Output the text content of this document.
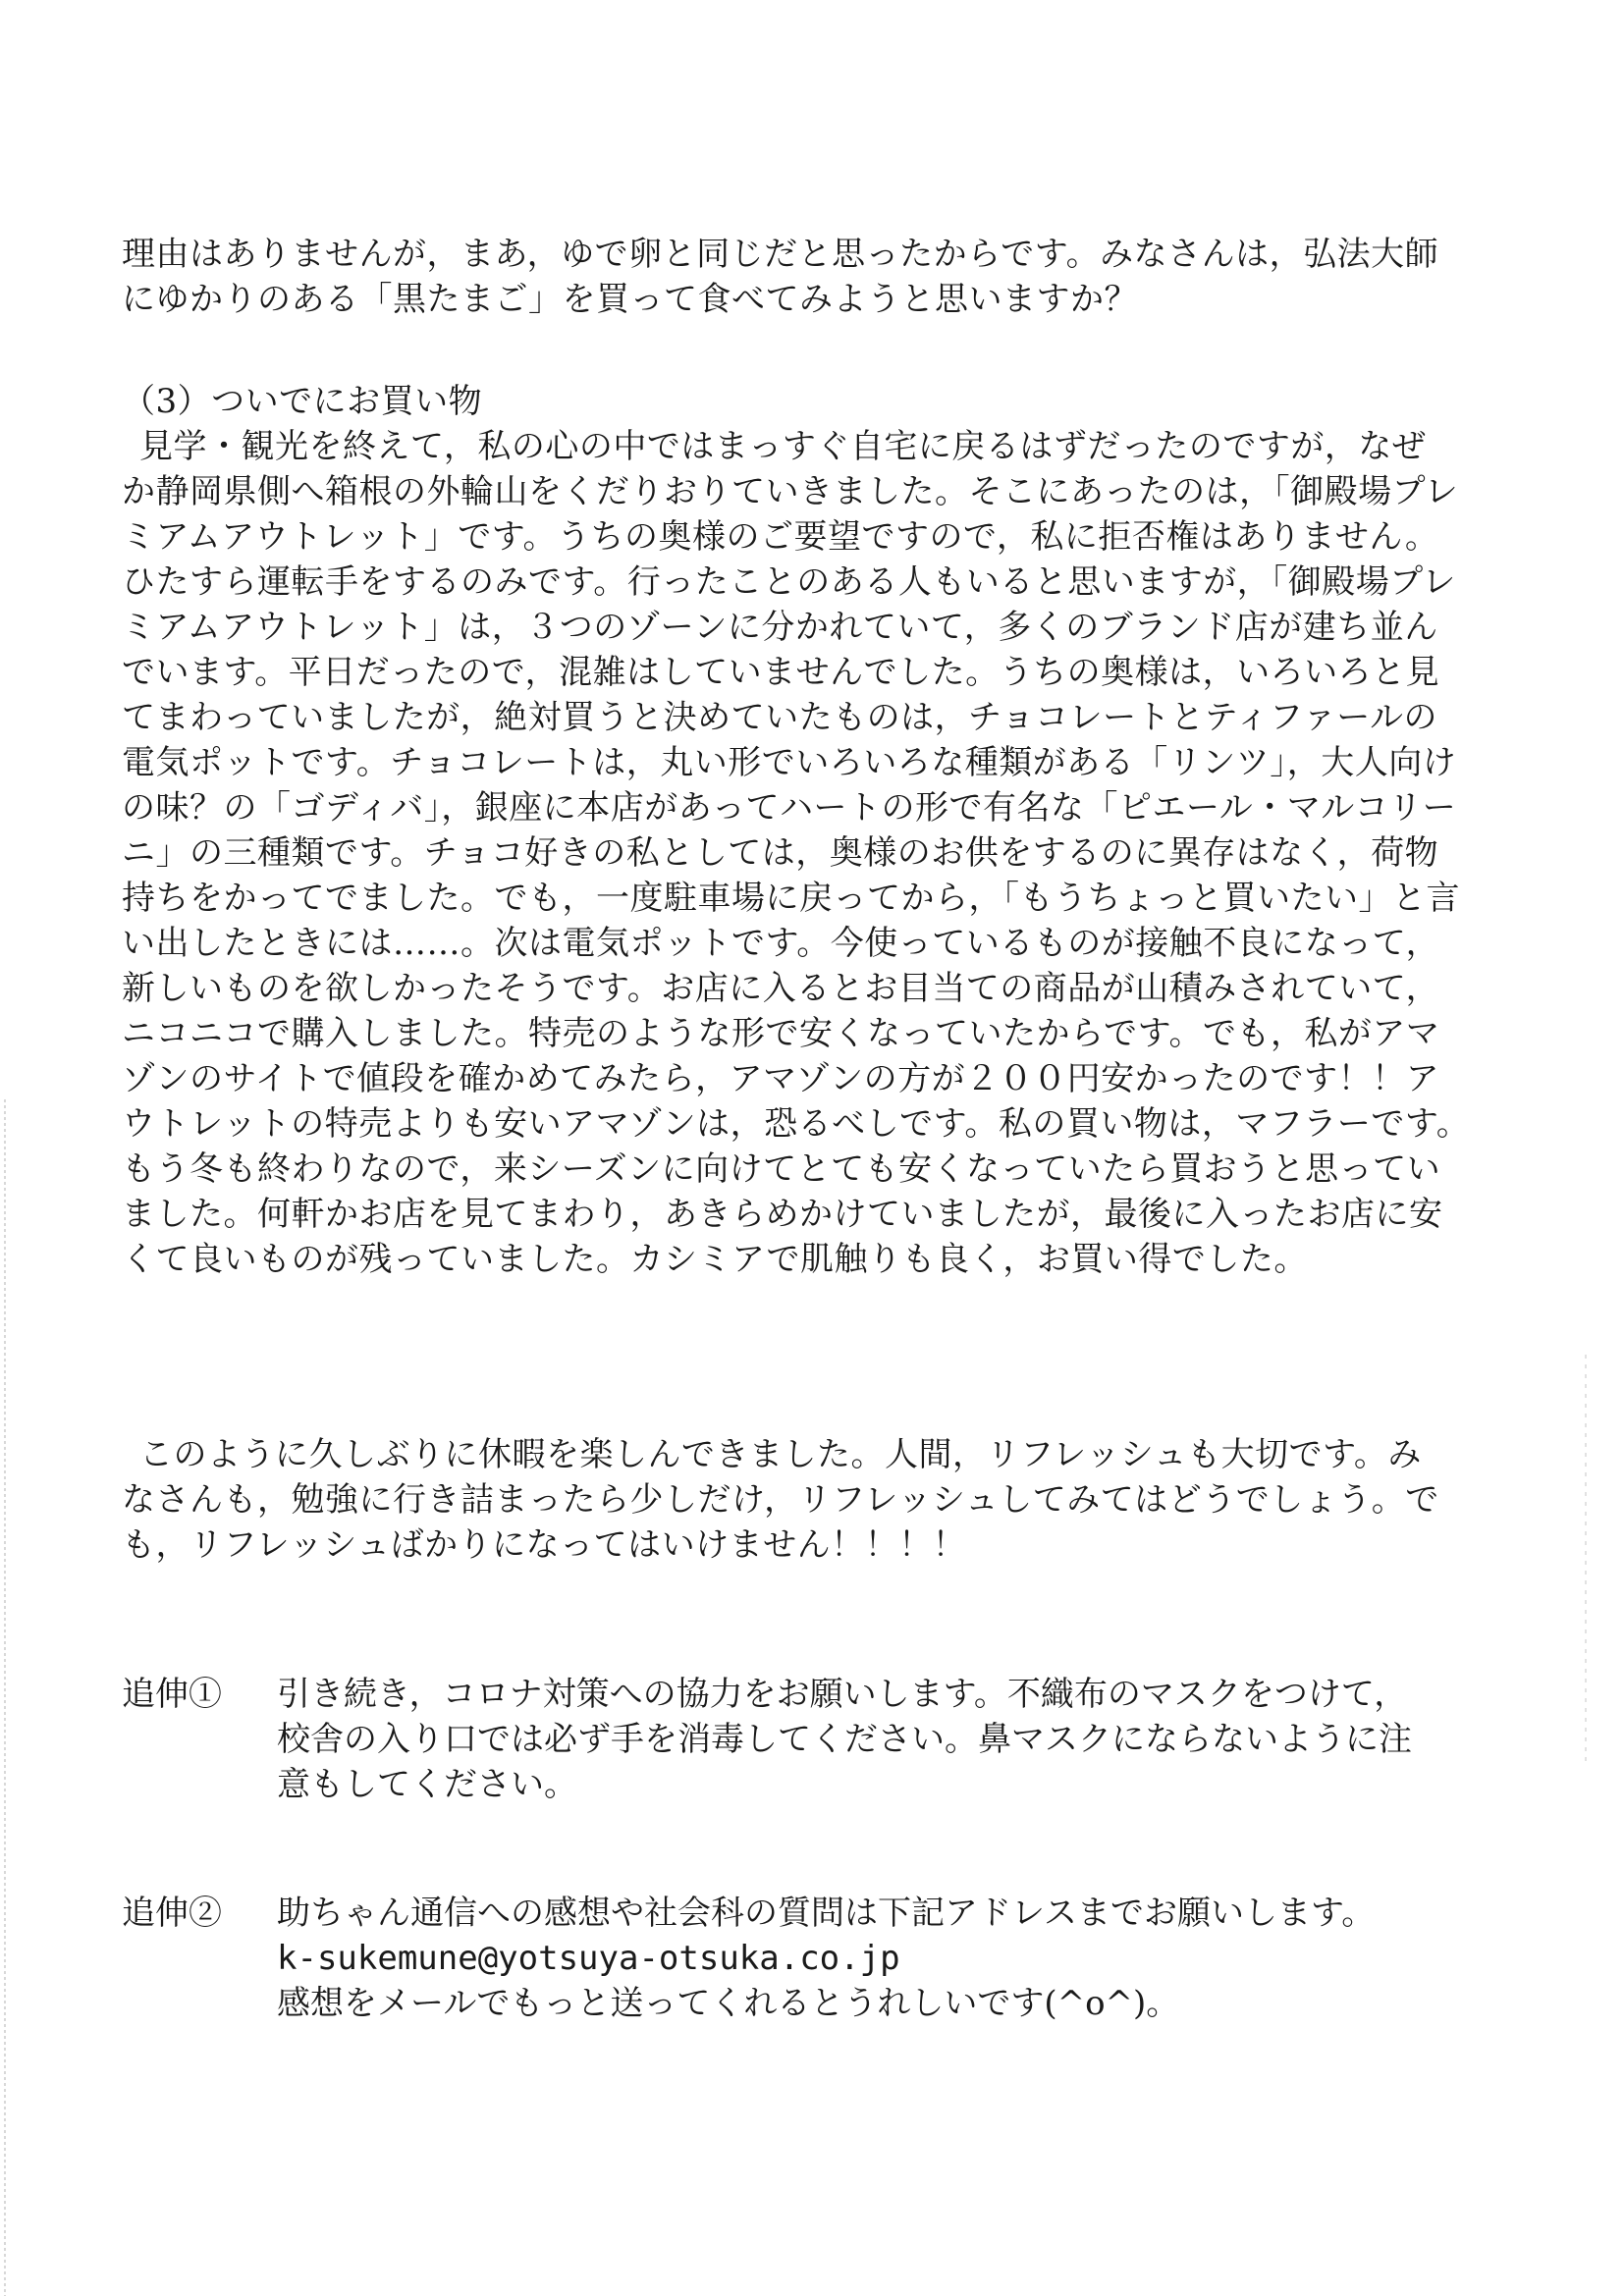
理由はありませんが，まあ，ゆで卵と同じだと思ったからです。みなさんは，弘法大師
にゆかりのある「黒たまご」を買って食べてみようと思いますか？
（3）ついでにお買い物
見学・観光を終えて，私の心の中ではまっすぐ自宅に戻るはずだったのですが，なぜ
か静岡県側へ箱根の外輪山をくだりおりていきました。そこにあったのは，「御殿場プレ
ミアムアウトレット」です。うちの奥様のご要望ですので，私に拒否権はありません。
ひたすら運転手をするのみです。行ったことのある人もいると思いますが，「御殿場プレ
ミアムアウトレット」は，３つのゾーンに分かれていて，多くのブランド店が建ち並ん
でいます。平日だったので，混雑はしていませんでした。うちの奥様は，いろいろと見
てまわっていましたが，絶対買うと決めていたものは，チョコレートとティファールの
電気ポットです。チョコレートは，丸い形でいろいろな種類がある「リンツ」，大人向け
の味？の「ゴディバ」，銀座に本店があってハートの形で有名な「ピエール・マルコリー
ニ」の三種類です。チョコ好きの私としては，奥様のお供をするのに異存はなく，荷物
持ちをかってでました。でも，一度駐車場に戻ってから，「もうちょっと買いたい」と言
い出したときには……。次は電気ポットです。今使っているものが接触不良になって，
新しいものを欲しかったそうです。お店に入るとお目当ての商品が山積みされていて，
ニコニコで購入しました。特売のような形で安くなっていたからです。でも，私がアマ
ゾンのサイトで値段を確かめてみたら，アマゾンの方が２００円安かったのです！！ア
ウトレットの特売よりも安いアマゾンは，恐るべしです。私の買い物は，マフラーです。
もう冬も終わりなので，来シーズンに向けてとても安くなっていたら買おうと思ってい
ました。何軒かお店を見てまわり，あきらめかけていましたが，最後に入ったお店に安
くて良いものが残っていました。カシミアで肌触りも良く，お買い得でした。
このように久しぶりに休暇を楽しんできました。人間，リフレッシュも大切です。み
なさんも，勉強に行き詰まったら少しだけ，リフレッシュしてみてはどうでしょう。で
も，リフレッシュばかりになってはいけません！！！！
追伸① 引き続き，コロナ対策への協力をお願いします。不織布のマスクをつけて，
校舎の入り口では必ず手を消毒してください。鼻マスクにならないように注
意もしてください。
追伸② 助ちゃん通信への感想や社会科の質問は下記アドレスまでお願いします。
k-sukemune@yotsuya-otsuka.co.jp
感想をメールでもっと送ってくれるとうれしいです(^o^)。
